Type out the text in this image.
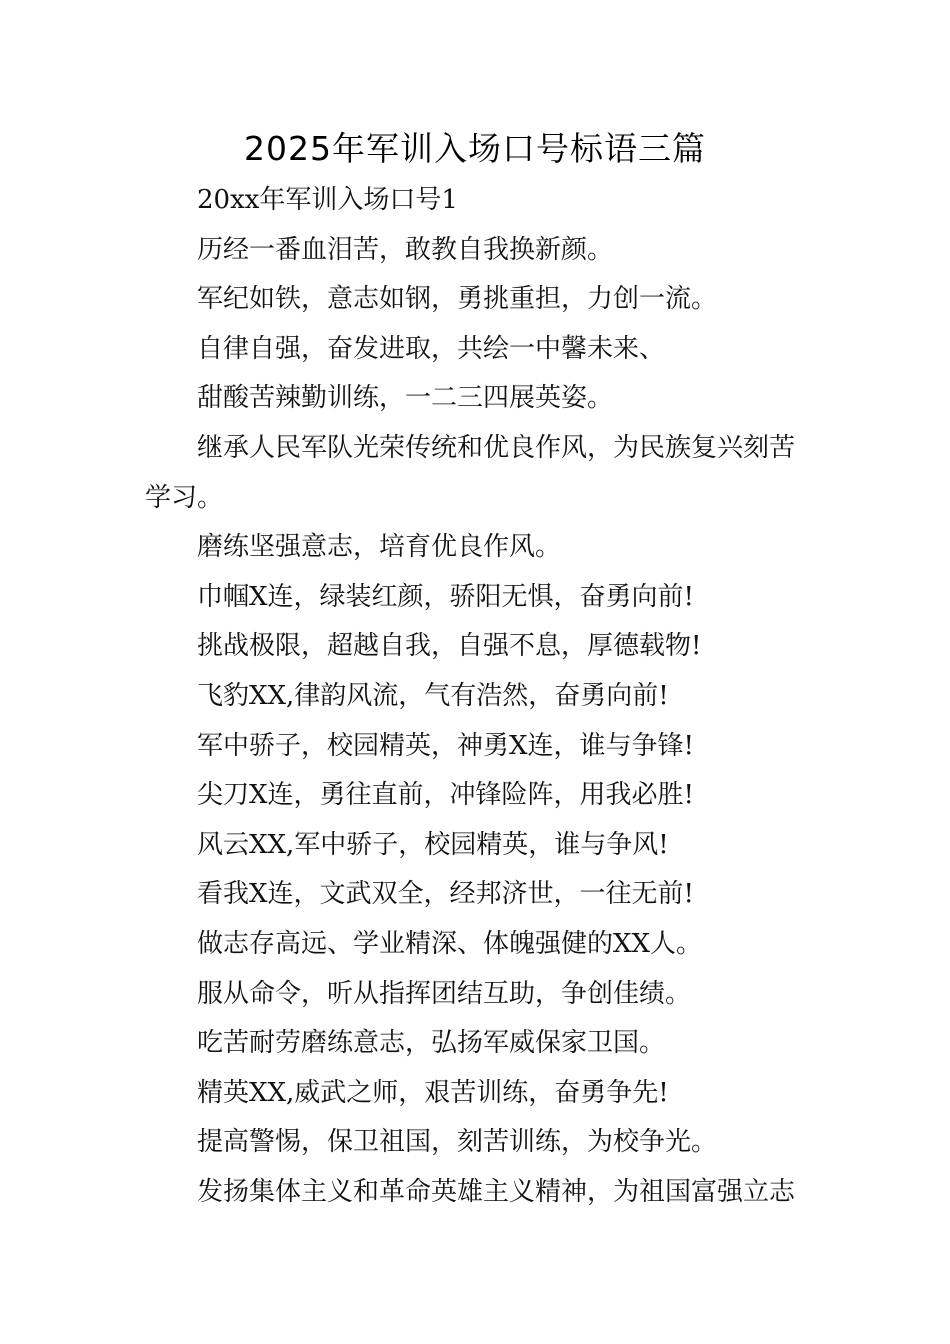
2025年军训入场口号标语三篇

20xx年军训入场口号1

历经一番血泪苦，敢教自我换新颜。

军纪如铁，意志如钢，勇挑重担，力创一流。

自律自强，奋发进取，共绘一中馨未来、

甜酸苦辣勤训练，一二三四展英姿。

继承人民军队光荣传统和优良作风，为民族复兴刻苦学习。

磨练坚强意志，培育优良作风。

巾帼X连，绿装红颜，骄阳无惧，奋勇向前!

挑战极限，超越自我，自强不息，厚德载物!

飞豹XX,律韵风流，气有浩然，奋勇向前!

军中骄子，校园精英，神勇X连，谁与争锋!

尖刀X连，勇往直前，冲锋险阵，用我必胜!

风云XX,军中骄子，校园精英，谁与争风!

看我X连，文武双全，经邦济世，一往无前!

做志存高远、学业精深、体魄强健的XX人。

服从命令，听从指挥团结互助，争创佳绩。

吃苦耐劳磨练意志，弘扬军威保家卫国。

精英XX,威武之师，艰苦训练，奋勇争先!

提高警惕，保卫祖国，刻苦训练，为校争光。

发扬集体主义和革命英雄主义精神，为祖国富强立志
